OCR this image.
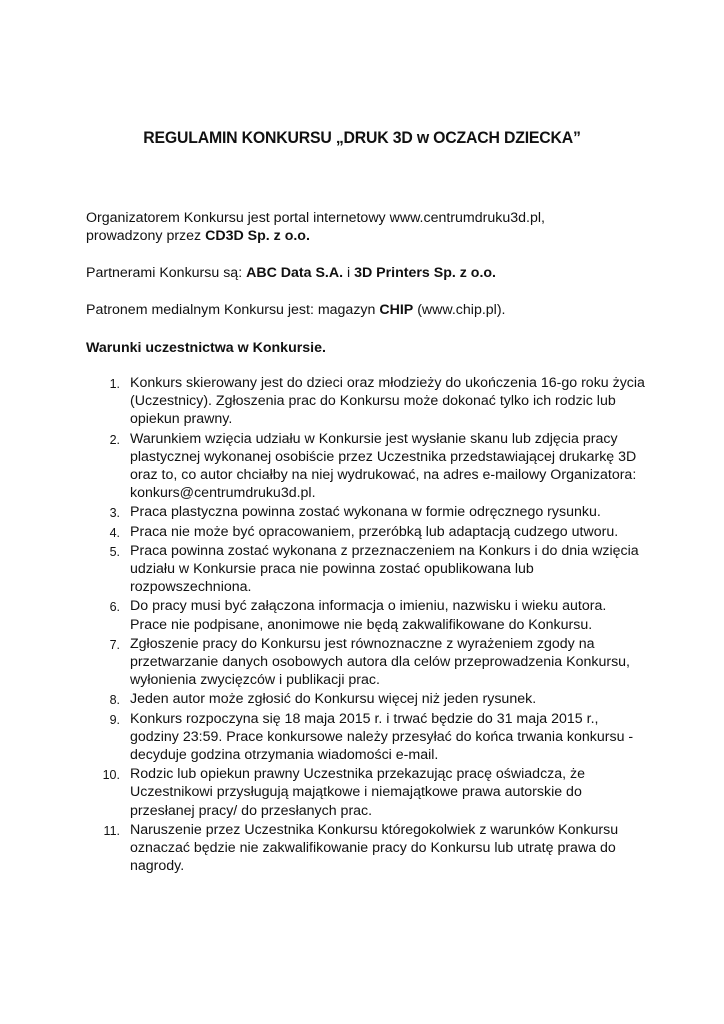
REGULAMIN KONKURSU „DRUK 3D w OCZACH DZIECKA”
Organizatorem Konkursu jest portal internetowy www.centrumdruku3d.pl,
prowadzony przez CD3D Sp. z o.o.
Partnerami Konkursu są: ABC Data S.A. i 3D Printers Sp. z o.o.
Patronem medialnym Konkursu jest: magazyn CHIP (www.chip.pl).
Warunki uczestnictwa w Konkursie.
1. Konkurs skierowany jest do dzieci oraz młodzieży do ukończenia 16-go roku życia (Uczestnicy). Zgłoszenia prac do Konkursu może dokonać tylko ich rodzic lub opiekun prawny.
2. Warunkiem wzięcia udziału w Konkursie jest wysłanie skanu lub zdjęcia pracy plastycznej wykonanej osobiście przez Uczestnika przedstawiającej drukarkę 3D oraz to, co autor chciałby na niej wydrukować, na adres e-mailowy Organizatora: konkurs@centrumdruku3d.pl.
3. Praca plastyczna powinna zostać wykonana w formie odręcznego rysunku.
4. Praca nie może być opracowaniem, przeróbką lub adaptacją cudzego utworu.
5. Praca powinna zostać wykonana z przeznaczeniem na Konkurs i do dnia wzięcia udziału w Konkursie praca nie powinna zostać opublikowana lub rozpowszechniona.
6. Do pracy musi być załączona informacja o imieniu, nazwisku i wieku autora. Prace nie podpisane, anonimowe nie będą zakwalifikowane do Konkursu.
7. Zgłoszenie pracy do Konkursu jest równoznaczne z wyrażeniem zgody na przetwarzanie danych osobowych autora dla celów przeprowadzenia Konkursu, wyłonienia zwycięzców i publikacji prac.
8. Jeden autor może zgłosić do Konkursu więcej niż jeden rysunek.
9. Konkurs rozpoczyna się 18 maja 2015 r. i trwać będzie do 31 maja 2015 r., godziny 23:59. Prace konkursowe należy przesyłać do końca trwania konkursu - decyduje godzina otrzymania wiadomości e-mail.
10. Rodzic lub opiekun prawny Uczestnika przekazując pracę oświadcza, że Uczestnikowi przysługują majątkowe i niemajątkowe prawa autorskie do przesłanej pracy/ do przesłanych prac.
11. Naruszenie przez Uczestnika Konkursu któregokolwiek z warunków Konkursu oznaczać będzie nie zakwalifikowanie pracy do Konkursu lub utratę prawa do nagrody.
